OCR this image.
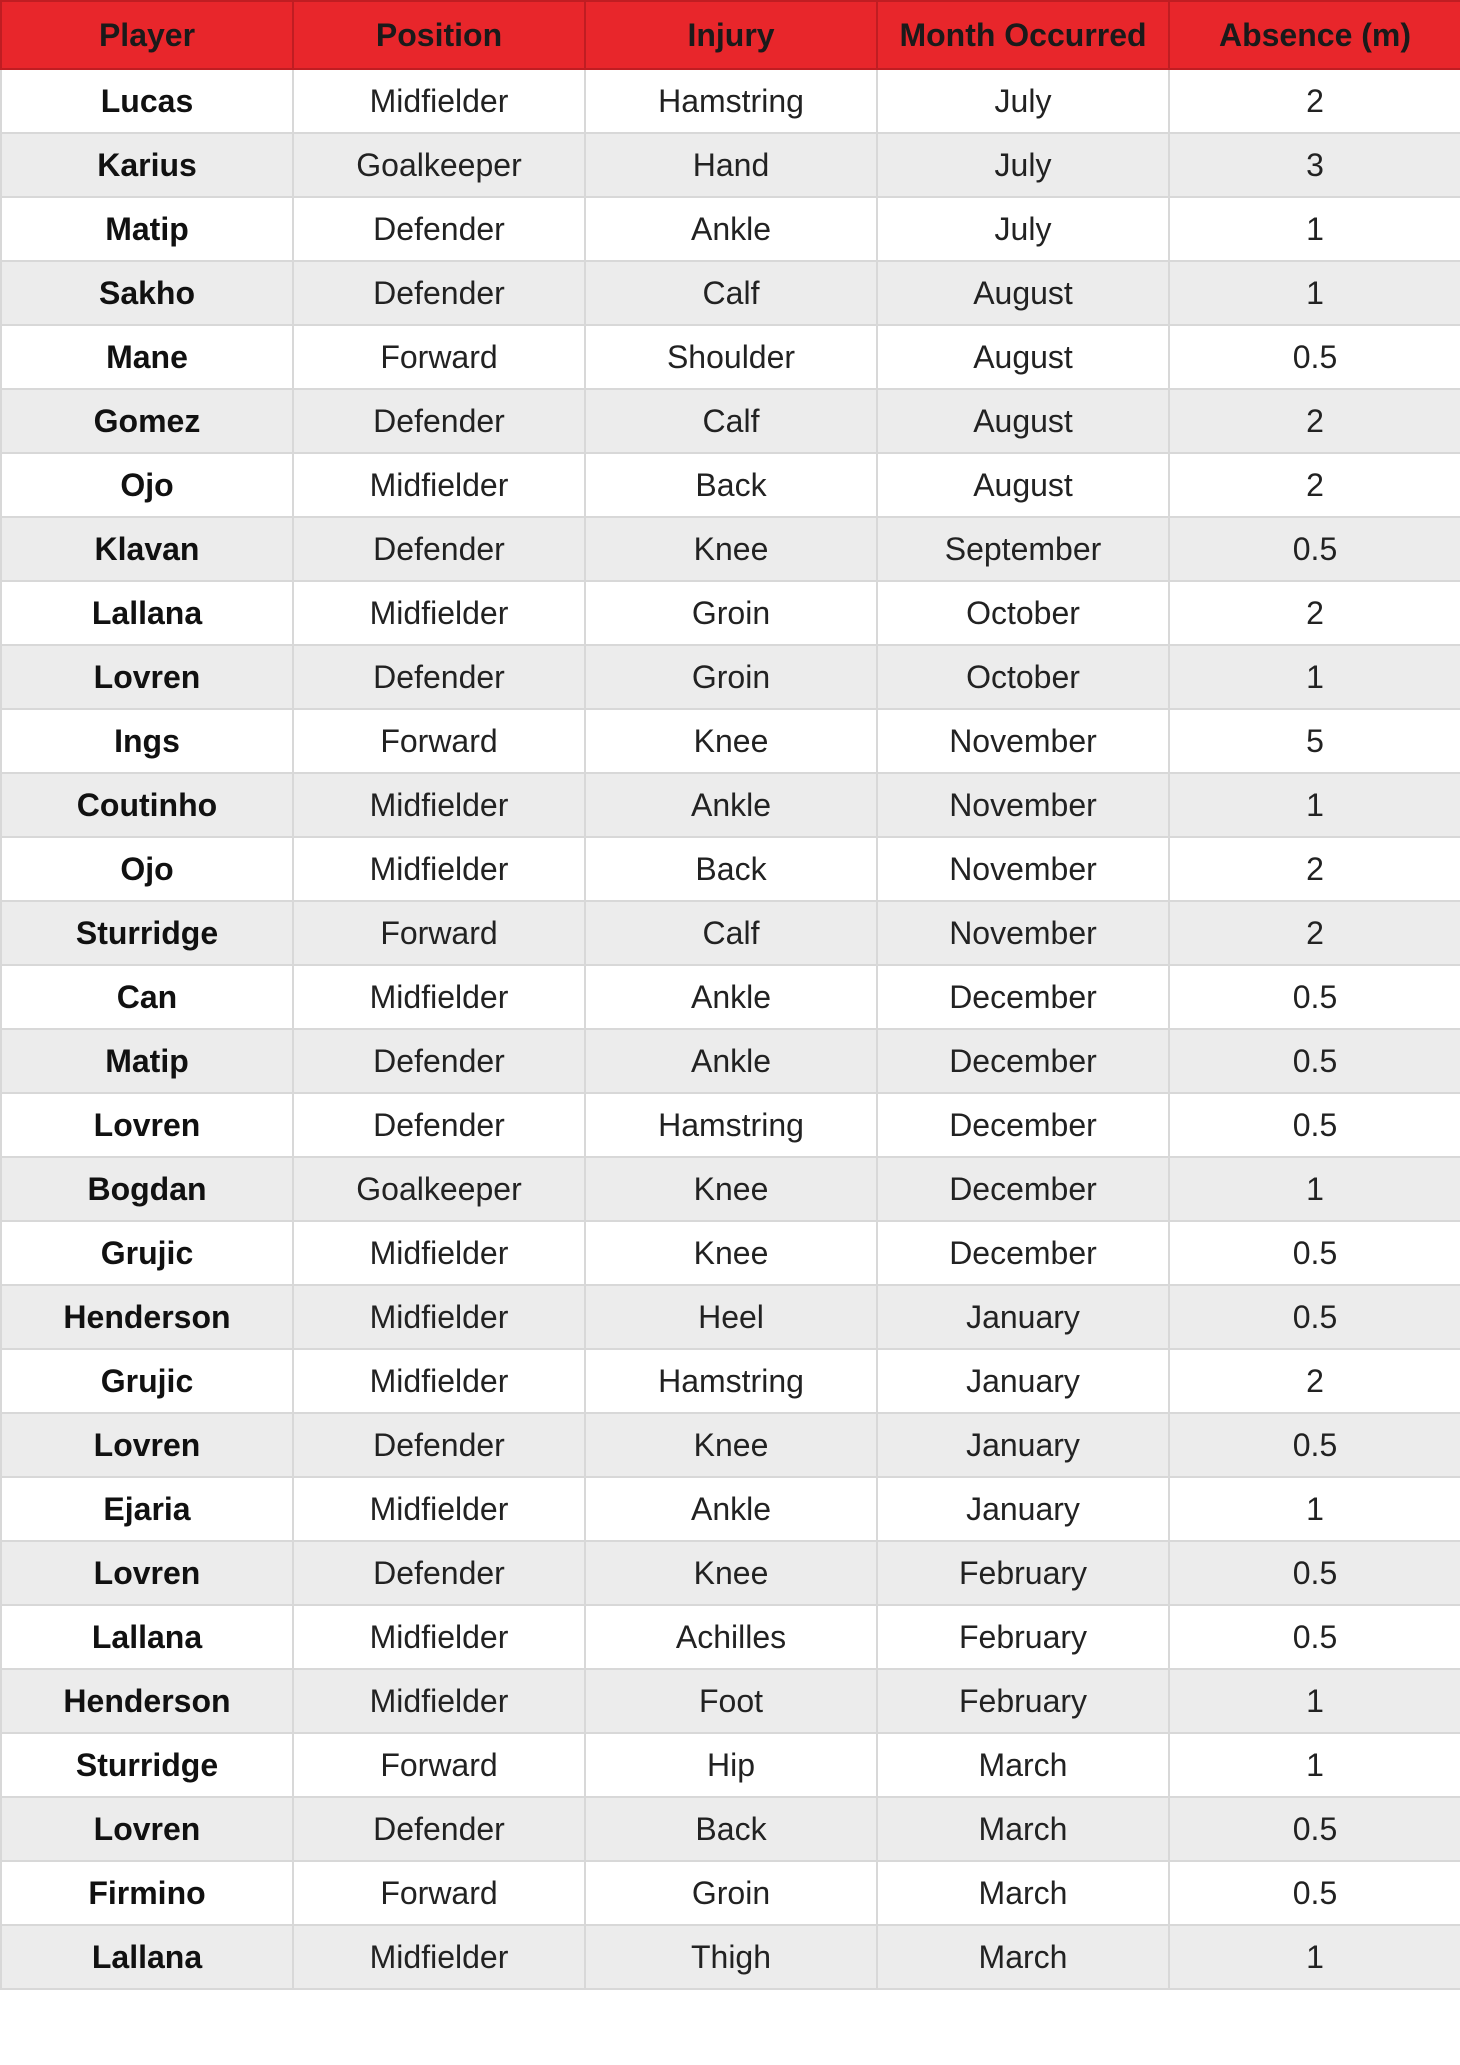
Player	Position	Injury	Month Occurred	Absence (m)
Lucas	Midfielder	Hamstring	July	2
Karius	Goalkeeper	Hand	July	3
Matip	Defender	Ankle	July	1
Sakho	Defender	Calf	August	1
Mane	Forward	Shoulder	August	0.5
Gomez	Defender	Calf	August	2
Ojo	Midfielder	Back	August	2
Klavan	Defender	Knee	September	0.5
Lallana	Midfielder	Groin	October	2
Lovren	Defender	Groin	October	1
Ings	Forward	Knee	November	5
Coutinho	Midfielder	Ankle	November	1
Ojo	Midfielder	Back	November	2
Sturridge	Forward	Calf	November	2
Can	Midfielder	Ankle	December	0.5
Matip	Defender	Ankle	December	0.5
Lovren	Defender	Hamstring	December	0.5
Bogdan	Goalkeeper	Knee	December	1
Grujic	Midfielder	Knee	December	0.5
Henderson	Midfielder	Heel	January	0.5
Grujic	Midfielder	Hamstring	January	2
Lovren	Defender	Knee	January	0.5
Ejaria	Midfielder	Ankle	January	1
Lovren	Defender	Knee	February	0.5
Lallana	Midfielder	Achilles	February	0.5
Henderson	Midfielder	Foot	February	1
Sturridge	Forward	Hip	March	1
Lovren	Defender	Back	March	0.5
Firmino	Forward	Groin	March	0.5
Lallana	Midfielder	Thigh	March	1
